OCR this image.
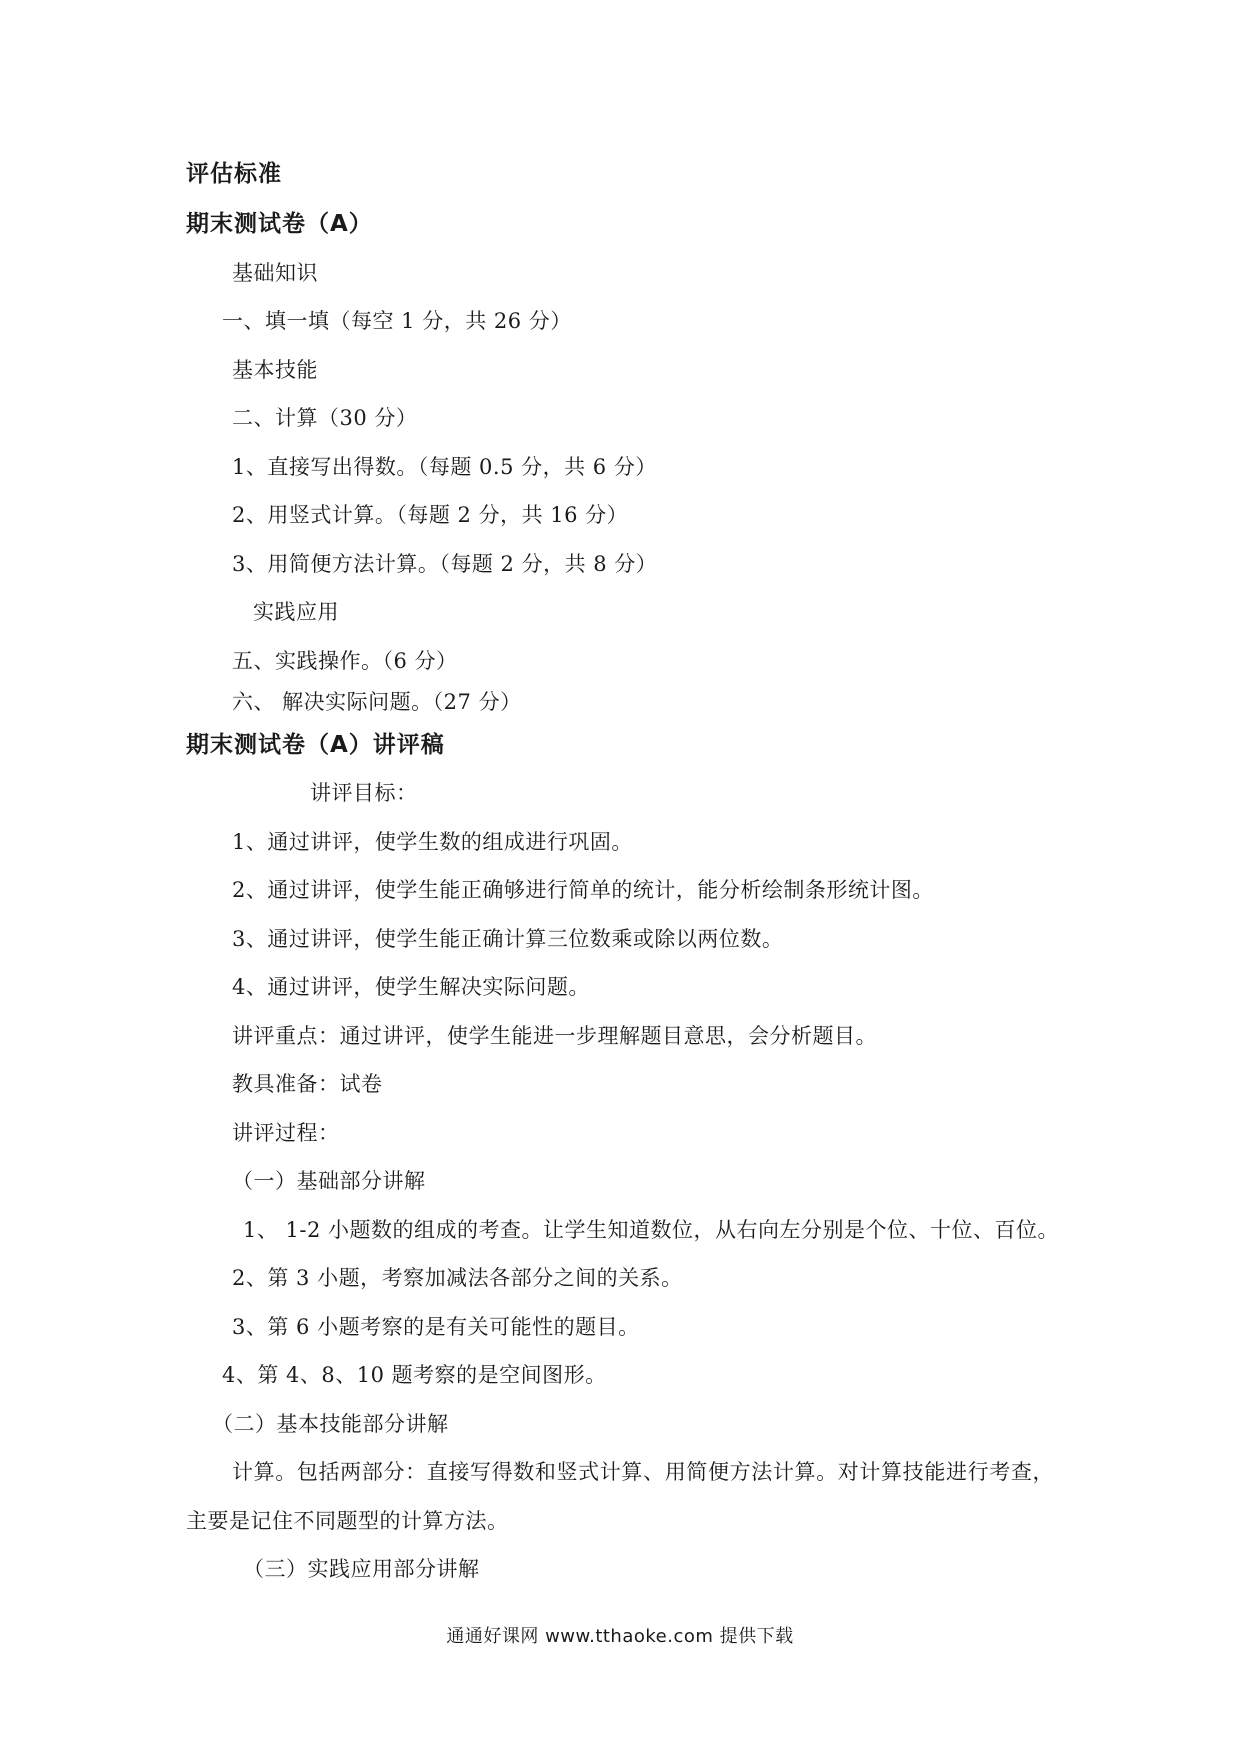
评估标准
期末测试卷（A）
基础知识
一、填一填（每空 1 分，共 26 分）
基本技能
二、计算（30 分）
1、直接写出得数。（每题 0.5 分，共 6 分）
2、用竖式计算。（每题 2 分，共 16 分）
3、用简便方法计算。（每题 2 分，共 8 分）
实践应用
五、实践操作。（6 分）
六、 解决实际问题。（27 分）
期末测试卷（A）讲评稿
讲评目标：
1、通过讲评，使学生数的组成进行巩固。
2、通过讲评，使学生能正确够进行简单的统计，能分析绘制条形统计图。
3、通过讲评，使学生能正确计算三位数乘或除以两位数。
4、通过讲评，使学生解决实际问题。
讲评重点：通过讲评，使学生能进一步理解题目意思，会分析题目。
教具准备：试卷
讲评过程：
（一）基础部分讲解
1、 1-2 小题数的组成的考查。让学生知道数位，从右向左分别是个位、十位、百位。
2、第 3 小题，考察加减法各部分之间的关系。
3、第 6 小题考察的是有关可能性的题目。
4、第 4、8、10 题考察的是空间图形。
（二）基本技能部分讲解
计算。包括两部分：直接写得数和竖式计算、用简便方法计算。对计算技能进行考查，
主要是记住不同题型的计算方法。
（三）实践应用部分讲解
通通好课网 www.tthaoke.com 提供下载
